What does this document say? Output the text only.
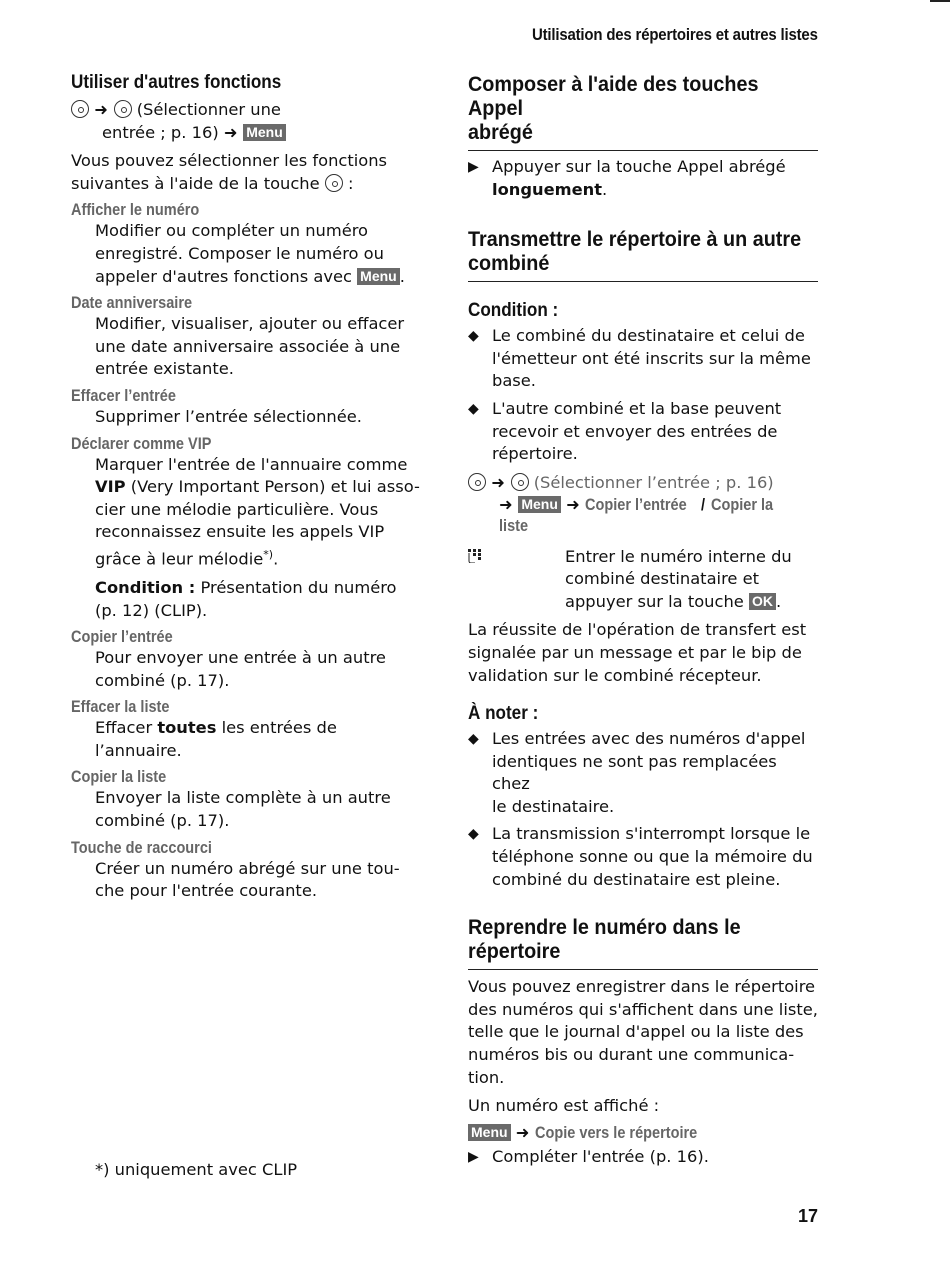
Utilisation des répertoires et autres listes
Utiliser d'autres fonctions
➜  (Sélectionner une
entrée ; p. 16) ➜ Menu
Vous pouvez sélectionner les fonctions
suivantes à l'aide de la touche :
Afficher le numéro
Modifier ou compléter un numéro
enregistré. Composer le numéro ou
appeler d'autres fonctions avec Menu .
Date anniversaire
Modifier, visualiser, ajouter ou effacer
une date anniversaire associée à une
entrée existante.
Effacer l’entrée
Supprimer l’entrée sélectionnée.
Déclarer comme VIP
Marquer l'entrée de l'annuaire comme
VIP (Very Important Person) et lui asso-
cier une mélodie particulière. Vous
reconnaissez ensuite les appels VIP
grâce à leur mélodie*).
Condition : Présentation du numéro
(p. 12) (CLIP).
Copier l’entrée
Pour envoyer une entrée à un autre
combiné (p. 17).
Effacer la liste
Effacer toutes les entrées de
l’annuaire.
Copier la liste
Envoyer la liste complète à un autre
combiné (p. 17).
Touche de raccourci
Créer un numéro abrégé sur une tou-
che pour l'entrée courante.
*) uniquement avec CLIP
Composer à l'aide des touches Appel
abrégé
▶ Appuyer sur la touche Appel abrégé
longuement.
Transmettre le répertoire à un autre
combiné
Condition :
◆ Le combiné du destinataire et celui de
l'émetteur ont été inscrits sur la même
base.
◆ L'autre combiné et la base peuvent
recevoir et envoyer des entrées de
répertoire.
➜  (Sélectionner l’entrée ; p. 16)
➜ Menu ➜ Copier l’entrée / Copier la
liste
Entrer le numéro interne du
combiné destinataire et
appuyer sur la touche OK .
La réussite de l'opération de transfert est
signalée par un message et par le bip de
validation sur le combiné récepteur.
À noter :
◆ Les entrées avec des numéros d'appel
identiques ne sont pas remplacées chez
le destinataire.
◆ La transmission s'interrompt lorsque le
téléphone sonne ou que la mémoire du
combiné du destinataire est pleine.
Reprendre le numéro dans le
répertoire
Vous pouvez enregistrer dans le répertoire
des numéros qui s'affichent dans une liste,
telle que le journal d'appel ou la liste des
numéros bis ou durant une communica-
tion.
Un numéro est affiché :
Menu ➜ Copie vers le répertoire
▶ Compléter l'entrée (p. 16).
17
